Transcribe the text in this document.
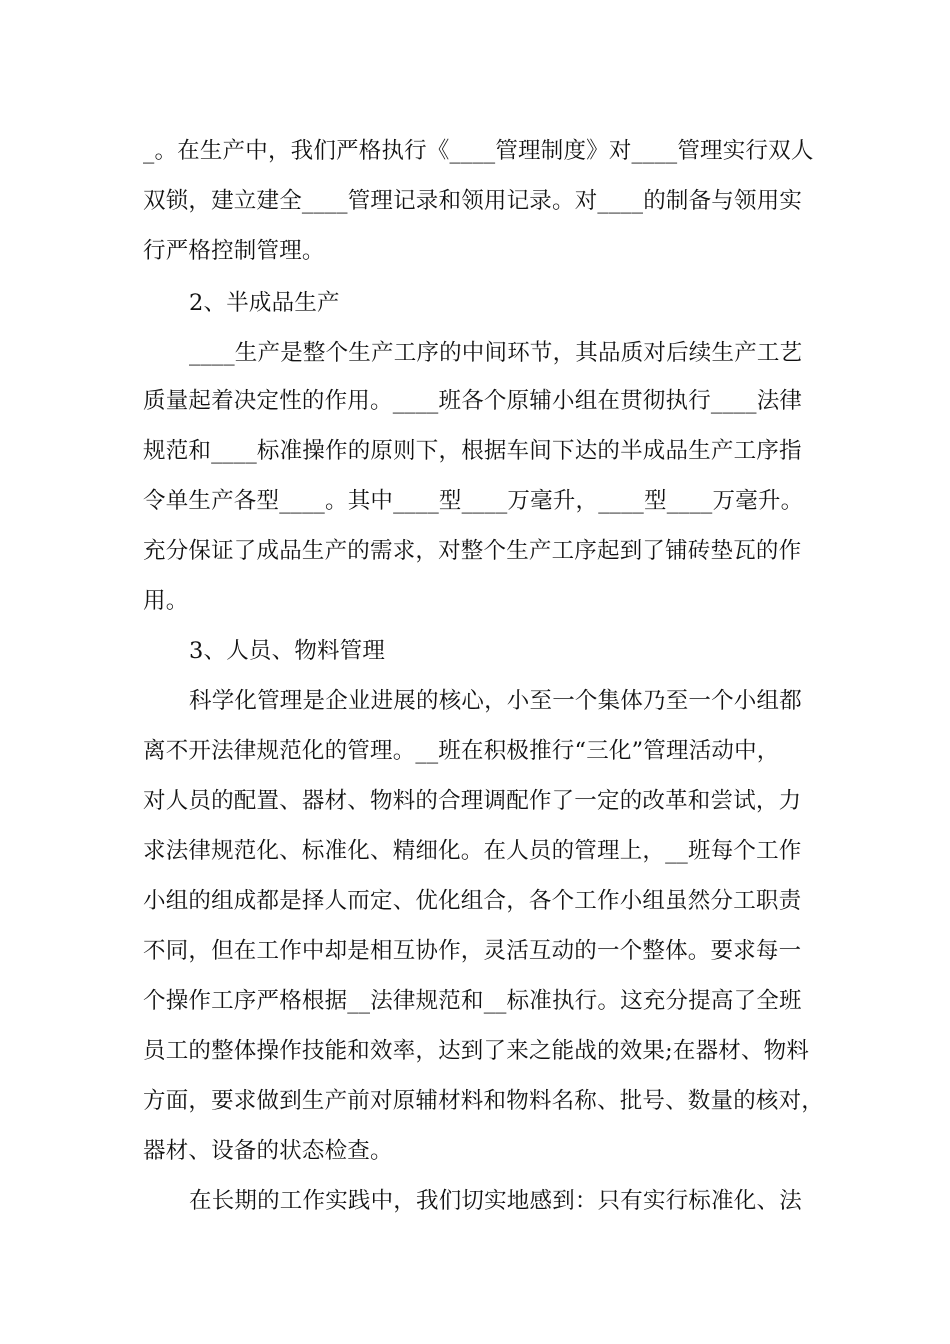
_。在生产中，我们严格执行《____管理制度》对____管理实行双人
双锁，建立建全____管理记录和领用记录。对____的制备与领用实
行严格控制管理。
2、半成品生产
____生产是整个生产工序的中间环节，其品质对后续生产工艺
质量起着决定性的作用。____班各个原辅小组在贯彻执行____法律
规范和____标准操作的原则下，根据车间下达的半成品生产工序指
令单生产各型____。其中____型____万毫升，____型____万毫升。
充分保证了成品生产的需求，对整个生产工序起到了铺砖垫瓦的作
用。
3、人员、物料管理
科学化管理是企业进展的核心，小至一个集体乃至一个小组都
离不开法律规范化的管理。__班在积极推行“三化”管理活动中，
对人员的配置、器材、物料的合理调配作了一定的改革和尝试，力
求法律规范化、标准化、精细化。在人员的管理上，__班每个工作
小组的组成都是择人而定、优化组合，各个工作小组虽然分工职责
不同，但在工作中却是相互协作，灵活互动的一个整体。要求每一
个操作工序严格根据__法律规范和__标准执行。这充分提高了全班
员工的整体操作技能和效率，达到了来之能战的效果;在器材、物料
方面，要求做到生产前对原辅材料和物料名称、批号、数量的核对，
器材、设备的状态检查。
在长期的工作实践中，我们切实地感到：只有实行标准化、法
